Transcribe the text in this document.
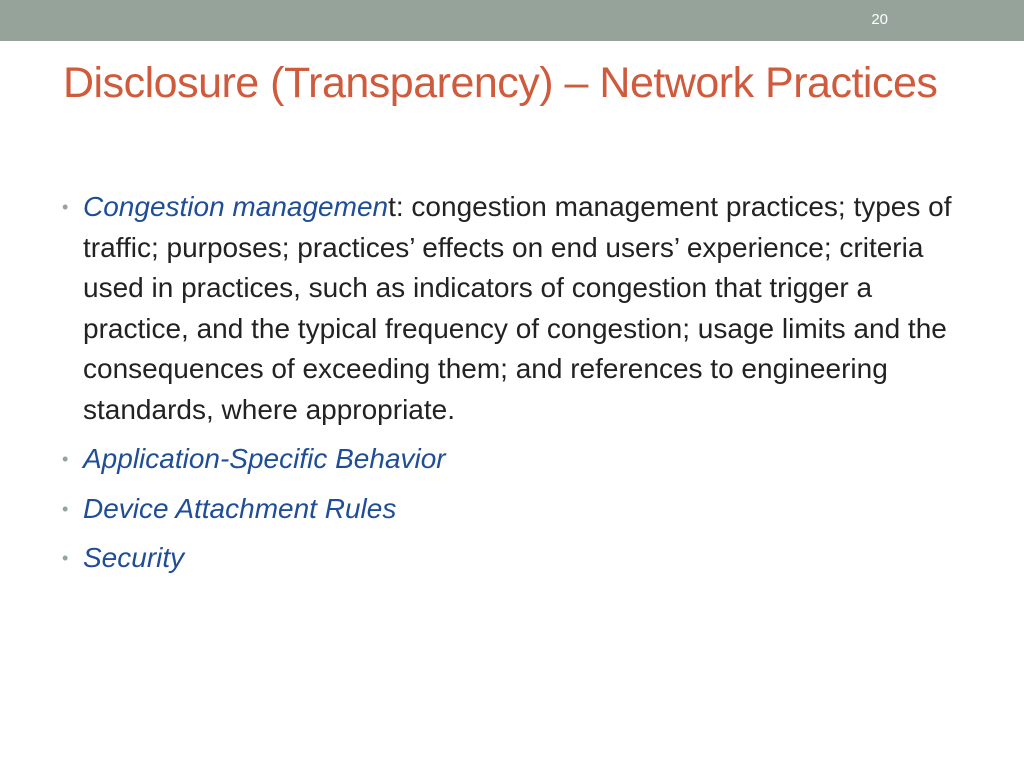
20
Disclosure (Transparency) – Network Practices
• Congestion management: congestion management practices; types of traffic; purposes; practices’ effects on end users’ experience; criteria used in practices, such as indicators of congestion that trigger a practice, and the typical frequency of congestion; usage limits and the consequences of exceeding them; and references to engineering standards, where appropriate.
• Application-Specific Behavior
• Device Attachment Rules
• Security
